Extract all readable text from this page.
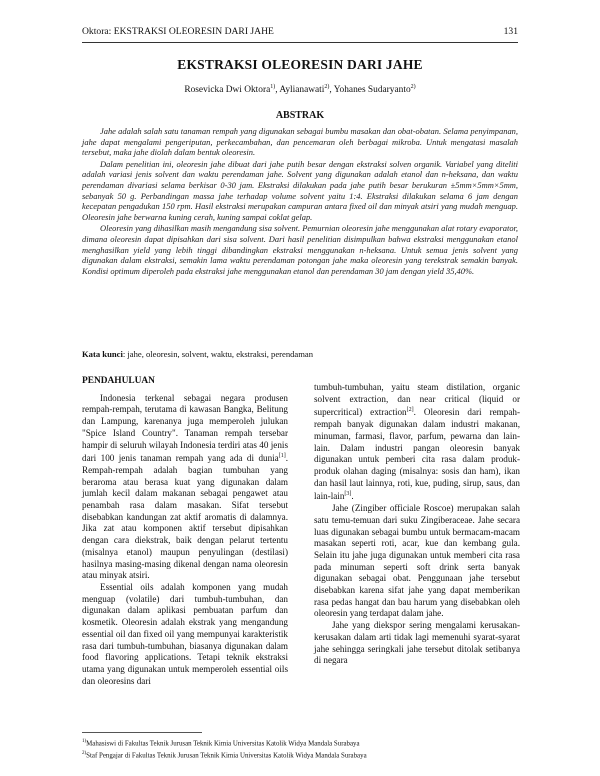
Oktora: EKSTRAKSI OLEORESIN DARI JAHE	131
EKSTRAKSI OLEORESIN DARI JAHE
Rosevicka Dwi Oktora$^{1)}$, Aylianawati$^{2)}$, Yohanes Sudaryanto$^{2)}$
ABSTRAK

Jahe adalah salah satu tanaman rempah yang digunakan sebagai bumbu masakan dan obat-obatan. Selama penyimpanan, jahe dapat mengalami pengeriputan, perkecambahan, dan pencemaran oleh berbagai mikroba. Untuk mengatasi masalah tersebut, maka jahe diolah dalam bentuk oleoresin.

Dalam penelitian ini, oleoresin jahe dibuat dari jahe putih besar dengan ekstraksi solven organik. Variabel yang diteliti adalah variasi jenis solvent dan waktu perendaman jahe. Solvent yang digunakan adalah etanol dan n-heksana, dan waktu perendaman divariasi selama berkisar 0-30 jam. Ekstraksi dilakukan pada jahe putih besar berukuran ±5mm×5mm×5mm, sebanyak 50 g. Perbandingan massa jahe terhadap volume solvent yaitu 1:4. Ekstraksi dilakukan selama 6 jam dengan kecepatan pengadukan 150 rpm. Hasil ekstraksi merupakan campuran antara fixed oil dan minyak atsiri yang mudah menguap. Oleoresin jahe berwarna kuning cerah, kuning sampai coklat gelap.

Oleoresin yang dihasilkan masih mengandung sisa solvent. Pemurnian oleoresin jahe menggunakan alat rotary evaporator, dimana oleoresin dapat dipisahkan dari sisa solvent. Dari hasil penelitian disimpulkan bahwa ekstraksi menggunakan etanol menghasilkan yield yang lebih tinggi dibandingkan ekstraksi menggunakan n-heksana. Untuk semua jenis solvent yang digunakan dalam ekstraksi, semakin lama waktu perendaman potongan jahe maka oleoresin yang terekstrak semakin banyak. Kondisi optimum diperoleh pada ekstraksi jahe menggunakan etanol dan perendaman 30 jam dengan yield 35,40%.

Kata kunci: jahe, oleoresin, solvent, waktu, ekstraksi, perendaman
PENDAHULUAN

Indonesia terkenal sebagai negara produsen rempah-rempah, terutama di kawasan Bangka, Belitung dan Lampung, karenanya juga memperoleh julukan "Spice Island Country". Tanaman rempah tersebar hampir di seluruh wilayah Indonesia terdiri atas 40 jenis dari 100 jenis tanaman rempah yang ada di dunia[1]. Rempah-rempah adalah bagian tumbuhan yang beraroma atau berasa kuat yang digunakan dalam jumlah kecil dalam makanan sebagai pengawet atau penambah rasa dalam masakan. Sifat tersebut disebabkan kandungan zat aktif aromatis di dalamnya. Jika zat atau komponen aktif tersebut dipisahkan dengan cara diekstrak, baik dengan pelarut tertentu (misalnya etanol) maupun penyulingan (destilasi) hasilnya masing-masing dikenal dengan nama oleoresin atau minyak atsiri.

Essential oils adalah komponen yang mudah menguap (volatile) dari tumbuh-tumbuhan, dan digunakan dalam aplikasi pembuatan parfum dan kosmetik. Oleoresin adalah ekstrak yang mengandung essential oil dan fixed oil yang mempunyai karakteristik rasa dari tumbuh-tumbuhan, biasanya digunakan dalam food flavoring applications. Tetapi teknik ekstraksi utama yang digunakan untuk memperoleh essential oils dan oleoresins dari

tumbuh-tumbuhan, yaitu steam distilation, organic solvent extraction, dan near critical (liquid or supercritical) extraction[2]. Oleoresin dari rempah-rempah banyak digunakan dalam industri makanan, minuman, farmasi, flavor, parfum, pewarna dan lain-lain. Dalam industri pangan oleoresin banyak digunakan untuk pemberi cita rasa dalam produk-produk olahan daging (misalnya: sosis dan ham), ikan dan hasil laut lainnya, roti, kue, puding, sirup, saus, dan lain-lain[3].

Jahe (Zingiber officiale Roscoe) merupakan salah satu temu-temuan dari suku Zingiberaceae. Jahe secara luas digunakan sebagai bumbu untuk bermacam-macam masakan seperti roti, acar, kue dan kembang gula. Selain itu jahe juga digunakan untuk memberi cita rasa pada minuman seperti soft drink serta banyak digunakan sebagai obat. Penggunaan jahe tersebut disebabkan karena sifat jahe yang dapat memberikan rasa pedas hangat dan bau harum yang disebabkan oleh oleoresin yang terdapat dalam jahe.

Jahe yang diekspor sering mengalami kerusakan-kerusakan dalam arti tidak lagi memenuhi syarat-syarat jahe sehingga seringkali jahe tersebut ditolak setibanya di negara

$^{1)}$Mahasiswi di Fakultas Teknik Jurusan Teknik Kimia Universitas Katolik Widya Mandala Surabaya
$^{2)}$Staf Pengajar di Fakultas Teknik Jurusan Teknik Kimia Universitas Katolik Widya Mandala Surabaya
